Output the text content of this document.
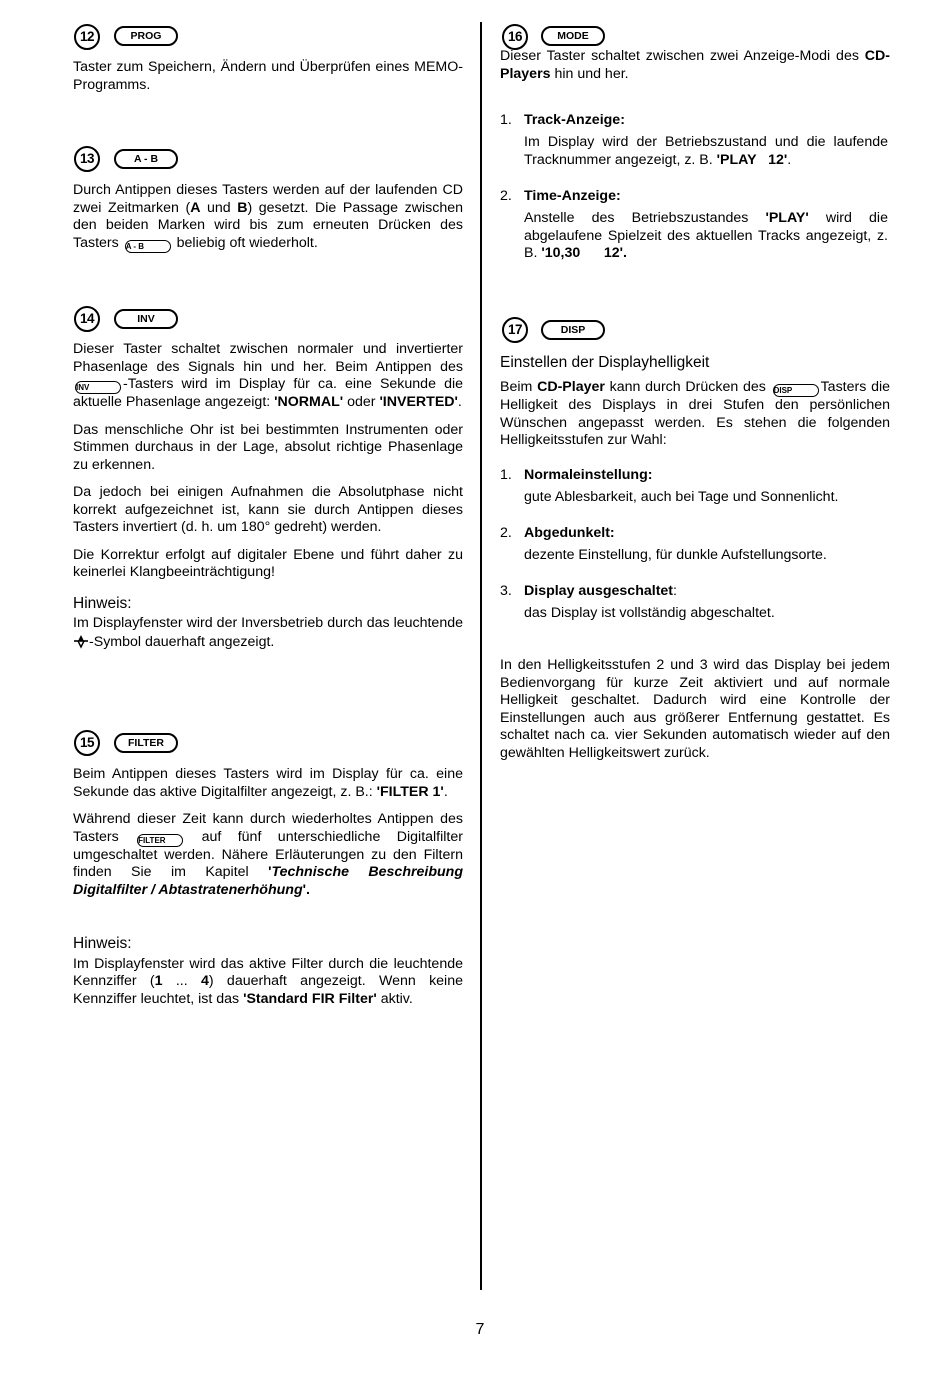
12	PROG

Taster zum Speichern, Ändern und Überprüfen eines MEMO-Programms.

13	A - B

Durch Antippen dieses Tasters werden auf der laufenden CD zwei Zeitmarken (A und B) gesetzt. Die Passage zwischen den beiden Marken wird bis zum erneuten Drücken des Tasters A - B beliebig oft wiederholt.

14	INV

Dieser Taster schaltet zwischen normaler und invertierter Phasenlage des Signals hin und her. Beim Antippen des INV -Tasters wird im Display für ca. eine Sekunde die aktuelle Phasenlage angezeigt: 'NORMAL' oder 'INVERTED'.

Das menschliche Ohr ist bei bestimmten Instrumenten oder Stimmen durchaus in der Lage, absolut richtige Phasenlage zu erkennen.

Da jedoch bei einigen Aufnahmen die Absolutphase nicht korrekt aufgezeichnet ist, kann sie durch Antippen dieses Tasters invertiert (d. h. um 180° gedreht) werden.

Die Korrektur erfolgt auf digitaler Ebene und führt daher zu keinerlei Klangbeeinträchtigung!

Hinweis:

Im Displayfenster wird der Inversbetrieb durch das leuchtende -Symbol dauerhaft angezeigt.

15	FILTER

Beim Antippen dieses Tasters wird im Display für ca. eine Sekunde das aktive Digitalfilter angezeigt, z. B.: 'FILTER 1'.

Während dieser Zeit kann durch wiederholtes Antippen des Tasters FILTER	auf fünf unterschiedliche Digitalfilter umgeschaltet werden. Nähere Erläuterungen zu den Filtern finden Sie im Kapitel 'Technische Beschreibung Digitalfilter / Abtastratenerhöhung'.

Hinweis:

Im Displayfenster wird das aktive Filter durch die leuchtende Kennziffer (1 ... 4) dauerhaft angezeigt. Wenn keine Kennziffer leuchtet, ist das 'Standard FIR Filter' aktiv.

16	MODE

Dieser Taster schaltet zwischen zwei Anzeige-Modi des CD-Players hin und her.

1. Track-Anzeige:

Im Display wird der Betriebszustand und die laufende Tracknummer angezeigt, z. B. 'PLAY   12'.

2. Time-Anzeige:

Anstelle des Betriebszustandes 'PLAY' wird die abgelaufene Spielzeit des aktuellen Tracks angezeigt, z. B. '10,30      12'.

17	DISP

Einstellen der Displayhelligkeit

Beim CD-Player kann durch Drücken des DISP Tasters die Helligkeit des Displays in drei Stufen den persönlichen Wünschen angepasst werden. Es stehen die folgenden Helligkeitsstufen zur Wahl:

1. Normaleinstellung:

gute Ablesbarkeit, auch bei Tage und Sonnenlicht.

2. Abgedunkelt:

dezente Einstellung, für dunkle Aufstellungsorte.

3. Display ausgeschaltet:

das Display ist vollständig abgeschaltet.

In den Helligkeitsstufen 2 und 3 wird das Display bei jedem Bedienvorgang für kurze Zeit aktiviert und auf normale Helligkeit geschaltet. Dadurch wird eine Kontrolle der Einstellungen auch aus größerer Entfernung gestattet. Es schaltet nach ca. vier Sekunden automatisch wieder auf den gewählten Helligkeitswert zurück.

7
